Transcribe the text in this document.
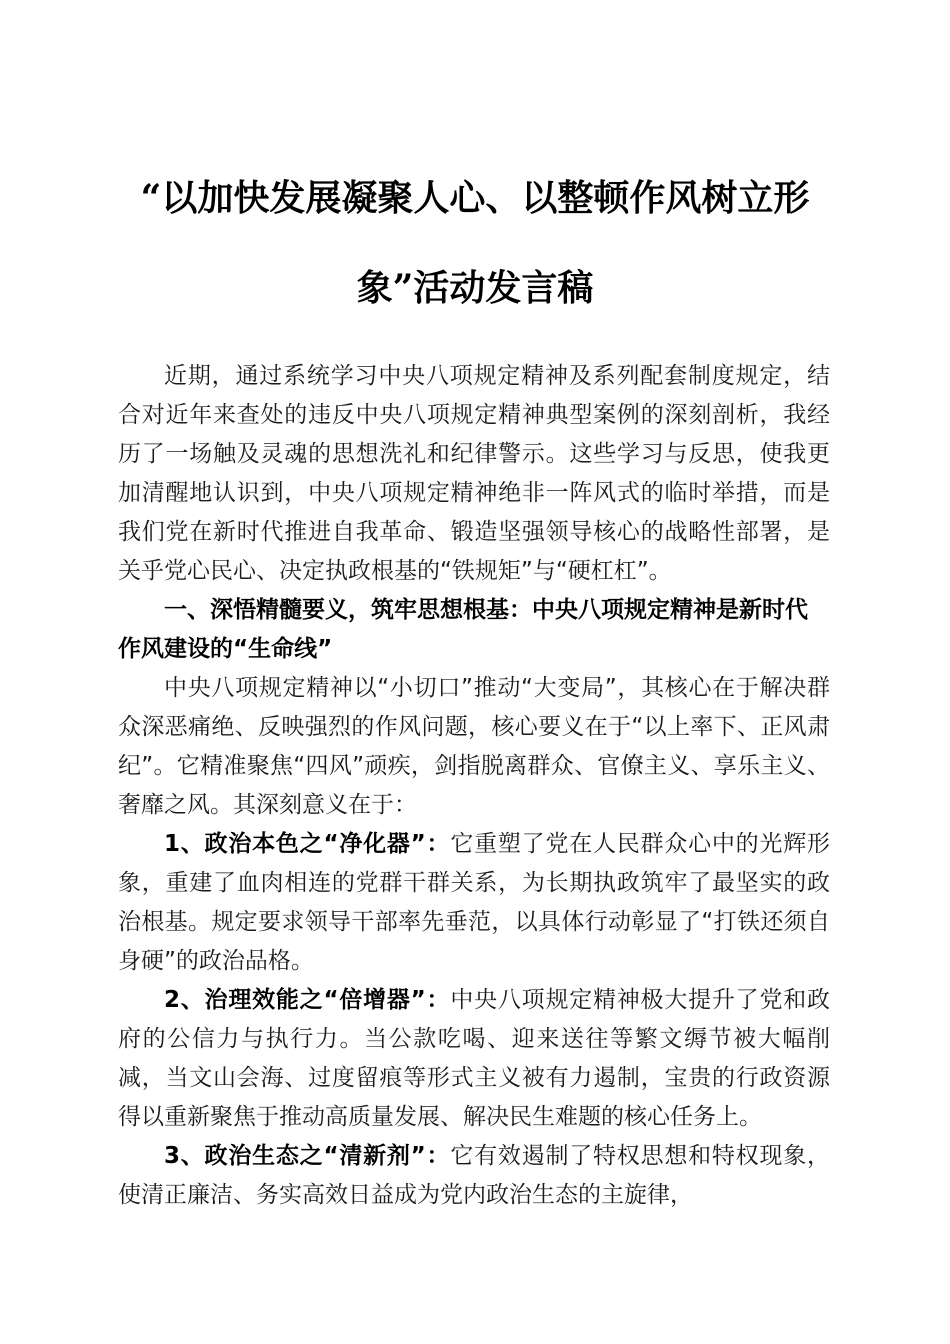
“以加快发展凝聚人心、以整顿作风树立形
象”活动发言稿

近期，通过系统学习中央八项规定精神及系列配套制度规定，结合对近年来查处的违反中央八项规定精神典型案例的深刻剖析，我经历了一场触及灵魂的思想洗礼和纪律警示。这些学习与反思，使我更加清醒地认识到，中央八项规定精神绝非一阵风式的临时举措，而是我们党在新时代推进自我革命、锻造坚强领导核心的战略性部署，是关乎党心民心、决定执政根基的“铁规矩”与“硬杠杠”。

一、深悟精髓要义，筑牢思想根基：中央八项规定精神是新时代作风建设的“生命线”

中央八项规定精神以“小切口”推动“大变局”，其核心在于解决群众深恶痛绝、反映强烈的作风问题，核心要义在于“以上率下、正风肃纪”。它精准聚焦“四风”顽疾，剑指脱离群众、官僚主义、享乐主义、奢靡之风。其深刻意义在于：

1、政治本色之“净化器”：它重塑了党在人民群众心中的光辉形象，重建了血肉相连的党群干群关系，为长期执政筑牢了最坚实的政治根基。规定要求领导干部率先垂范，以具体行动彰显了“打铁还须自身硬”的政治品格。

2、治理效能之“倍增器”：中央八项规定精神极大提升了党和政府的公信力与执行力。当公款吃喝、迎来送往等繁文缛节被大幅削减，当文山会海、过度留痕等形式主义被有力遏制，宝贵的行政资源得以重新聚焦于推动高质量发展、解决民生难题的核心任务上。

3、政治生态之“清新剂”：它有效遏制了特权思想和特权现象，使清正廉洁、务实高效日益成为党内政治生态的主旋律，
